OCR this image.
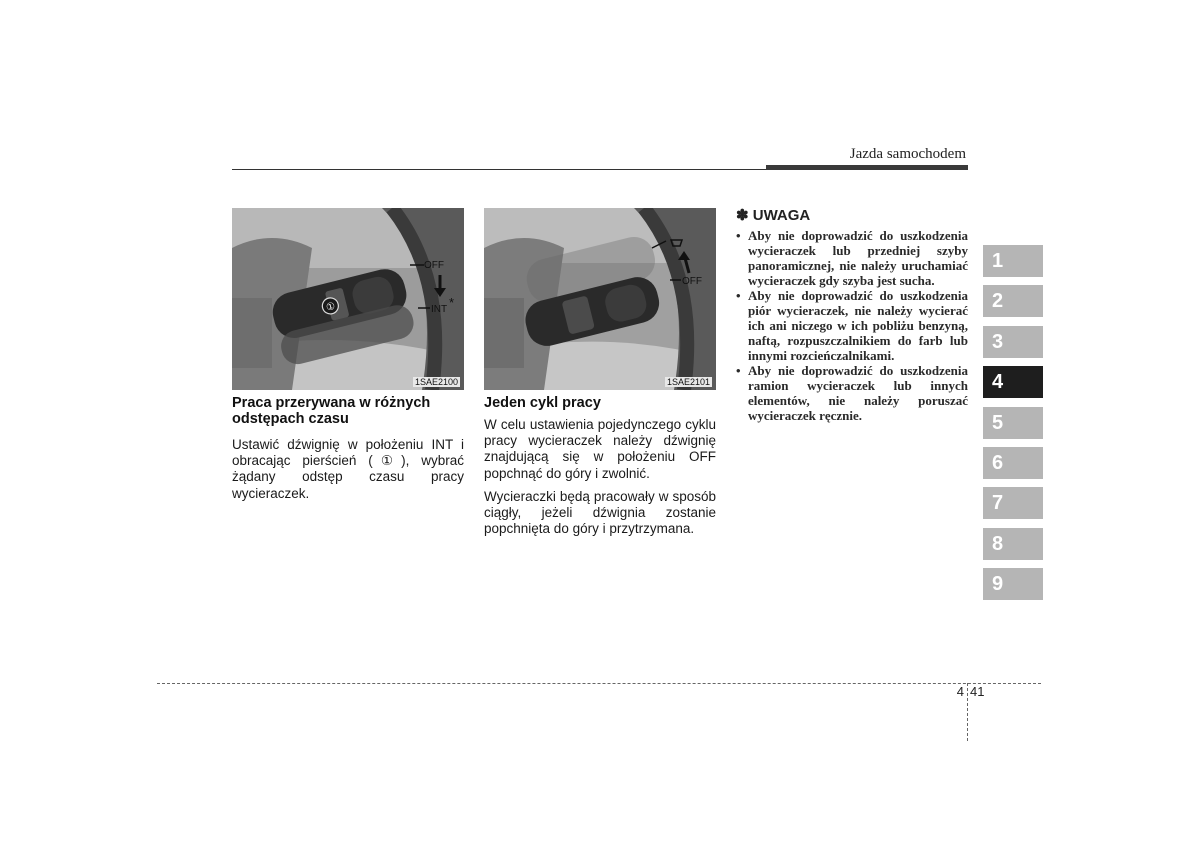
Jazda samochodem
①
OFF
INT *
1SAE2100
OFF
1SAE2101
Praca przerywana w różnych odstępach czasu

Ustawić dźwignię w położeniu INT i obracając pierścień (①), wybrać żądany odstęp czasu pracy wycieraczek.

Jeden cykl pracy

W celu ustawienia pojedynczego cyklu pracy wycieraczek należy dźwignię znajdującą się w położeniu OFF popchnąć do góry i zwolnić.

Wycieraczki będą pracowały w sposób ciągły, jeżeli dźwignia zostanie popchnięta do góry i przytrzymana.

✽ UWAGA
• Aby nie doprowadzić do uszkodzenia wycieraczek lub przedniej szyby panoramicznej, nie należy uruchamiać wycieraczek gdy szyba jest sucha.
• Aby nie doprowadzić do uszkodzenia piór wycieraczek, nie należy wycierać ich ani niczego w ich pobliżu benzyną, naftą, rozpuszczalnikiem do farb lub innymi rozcieńczalnikami.
• Aby nie doprowadzić do uszkodzenia ramion wycieraczek lub innych elementów, nie należy poruszać wycieraczek ręcznie.
1
2
3
4
5
6
7
8
9
4 41
